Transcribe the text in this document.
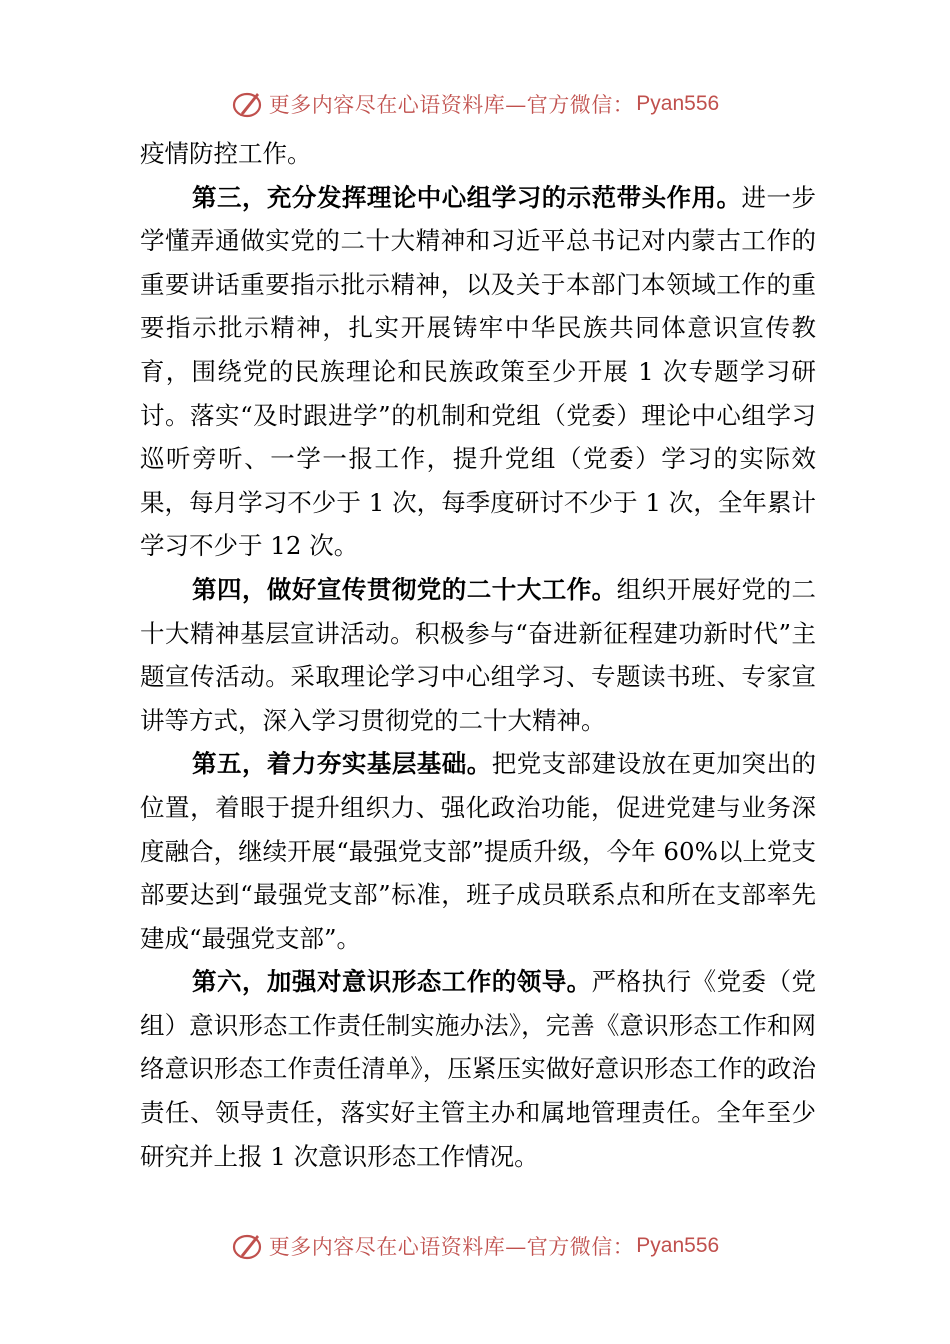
更多内容尽在心语资料库—官方微信： Pyan556

疫情防控工作。

第三，充分发挥理论中心组学习的示范带头作用。进一步学懂弄通做实党的二十大精神和习近平总书记对内蒙古工作的重要讲话重要指示批示精神，以及关于本部门本领域工作的重要指示批示精神，扎实开展铸牢中华民族共同体意识宣传教育，围绕党的民族理论和民族政策至少开展 1 次专题学习研讨。落实“及时跟进学”的机制和党组（党委）理论中心组学习巡听旁听、一学一报工作，提升党组（党委）学习的实际效果，每月学习不少于 1 次，每季度研讨不少于 1 次，全年累计学习不少于 12 次。

第四，做好宣传贯彻党的二十大工作。组织开展好党的二十大精神基层宣讲活动。积极参与“奋进新征程建功新时代”主题宣传活动。采取理论学习中心组学习、专题读书班、专家宣讲等方式，深入学习贯彻党的二十大精神。

第五，着力夯实基层基础。把党支部建设放在更加突出的位置，着眼于提升组织力、强化政治功能，促进党建与业务深度融合，继续开展“最强党支部”提质升级，今年 60%以上党支部要达到“最强党支部”标准，班子成员联系点和所在支部率先建成“最强党支部”。

第六，加强对意识形态工作的领导。严格执行《党委（党组）意识形态工作责任制实施办法》，完善《意识形态工作和网络意识形态工作责任清单》，压紧压实做好意识形态工作的政治责任、领导责任，落实好主管主办和属地管理责任。全年至少研究并上报 1 次意识形态工作情况。

更多内容尽在心语资料库—官方微信： Pyan556
